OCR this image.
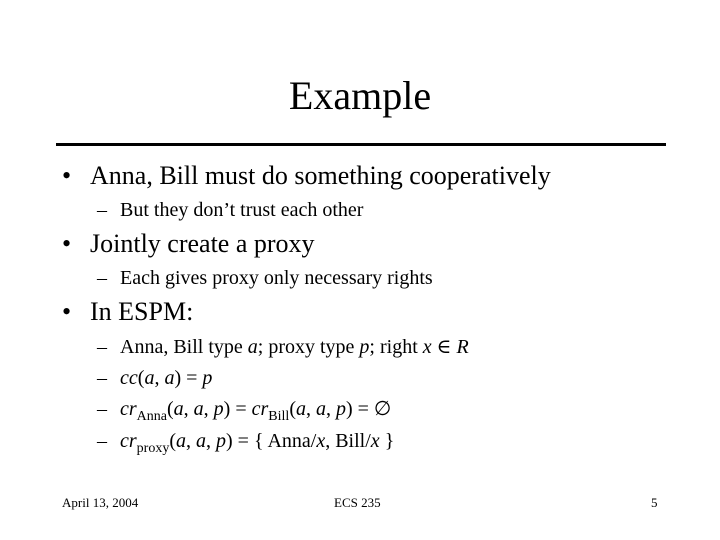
Example
• Anna, Bill must do something cooperatively
– But they don’t trust each other
• Jointly create a proxy
– Each gives proxy only necessary rights
• In ESPM:
– Anna, Bill type a; proxy type p; right x ∈ R
– cc(a, a) = p
– $cr_{Anna}(a$, a, $p) = cr_{Bill}(a$, a, p) = ∅
– $cr_{proxy}(a$, a, p) = { Anna/x, Bill/x }
April 13, 2004	ECS 235	5
